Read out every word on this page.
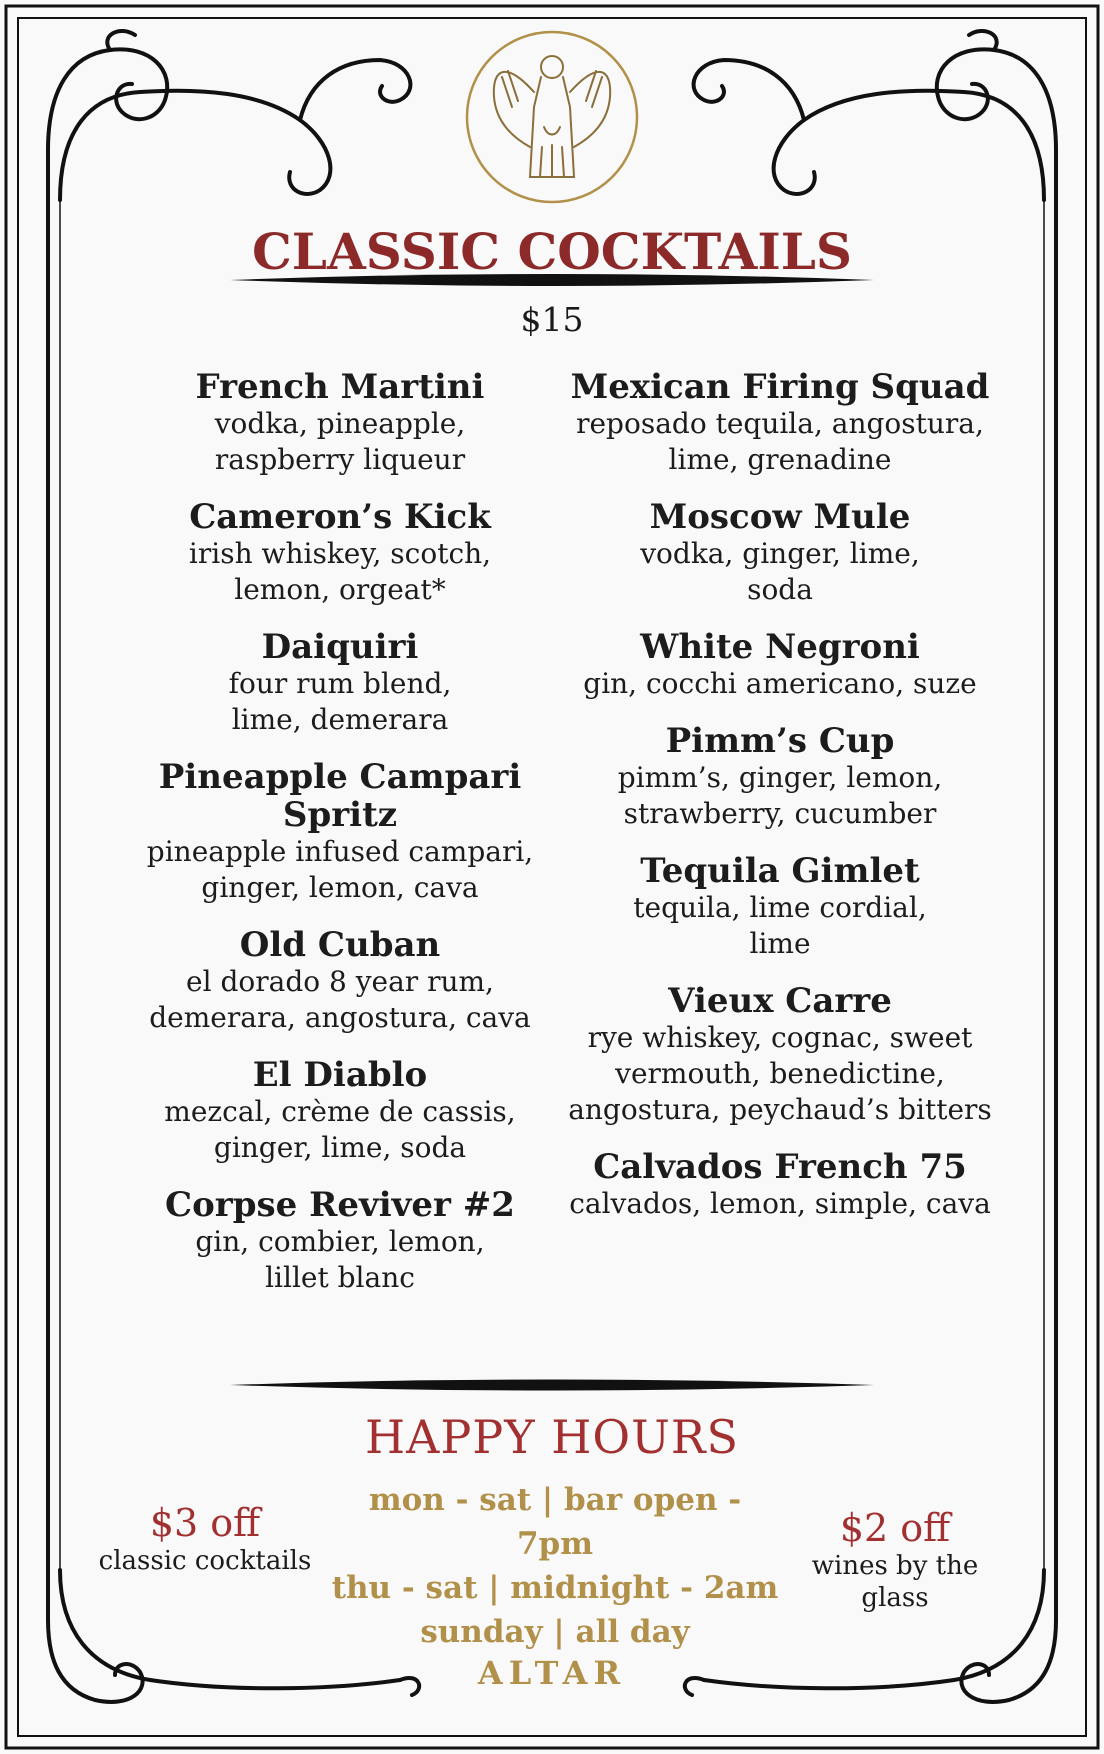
CLASSIC COCKTAILS
$15
French Martini
vodka, pineapple,
raspberry liqueur
Cameron’s Kick
irish whiskey, scotch,
lemon, orgeat*
Daiquiri
four rum blend,
lime, demerara
Pineapple Campari Spritz
pineapple infused campari,
ginger, lemon, cava
Old Cuban
el dorado 8 year rum,
demerara, angostura, cava
El Diablo
mezcal, crème de cassis,
ginger, lime, soda
Corpse Reviver #2
gin, combier, lemon,
lillet blanc
Mexican Firing Squad
reposado tequila, angostura,
lime, grenadine
Moscow Mule
vodka, ginger, lime,
soda
White Negroni
gin, cocchi americano, suze
Pimm’s Cup
pimm’s, ginger, lemon,
strawberry, cucumber
Tequila Gimlet
tequila, lime cordial,
lime
Vieux Carre
rye whiskey, cognac, sweet
vermouth, benedictine,
angostura, peychaud’s bitters
Calvados French 75
calvados, lemon, simple, cava
HAPPY HOURS
$3 off
classic cocktails
mon - sat | bar open - 7pm
thu - sat | midnight - 2am
sunday | all day
$2 off
wines by the glass
ALTAR
